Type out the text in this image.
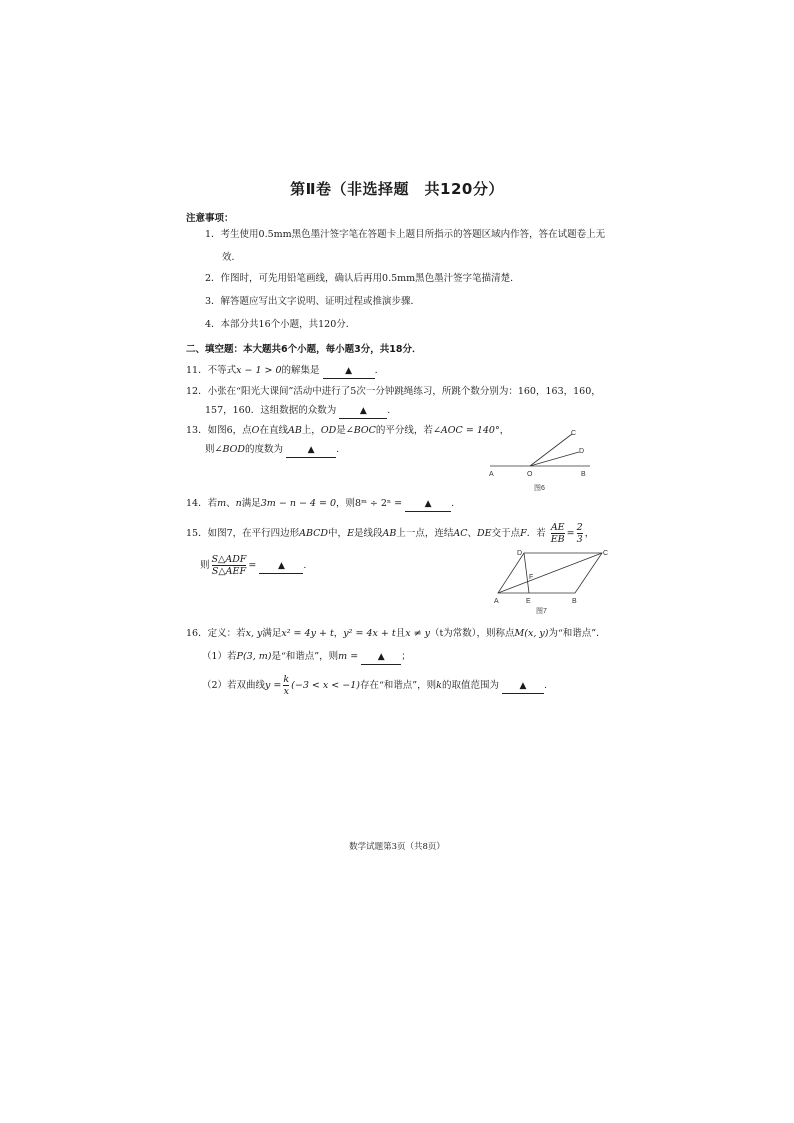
第Ⅱ卷（非选择题　共120分）
注意事项：
1．考生使用0.5mm黑色墨汁签字笔在答题卡上题目所指示的答题区域内作答，答在试题卷上无
效．
2．作图时，可先用铅笔画线，确认后再用0.5mm黑色墨汁签字笔描清楚．
3．解答题应写出文字说明、证明过程或推演步骤．
4．本部分共16个小题，共120分．
二、填空题：本大题共6个小题，每小题3分，共18分．
11．不等式x − 1 > 0的解集是	▲ .
12．小张在“阳光大课间”活动中进行了5次一分钟跳绳练习，所跳个数分别为：160，163，160，
157，160．这组数据的众数为	▲ .
13．如图6，点O在直线AB上，OD是∠BOC的平分线，若∠AOC = 140°，
则∠BOD的度数为	▲ .
A	O	B
C
D
图6
14．若m、n满足3m − n − 4 = 0，则8ᵐ ÷ 2ⁿ =	▲ .
15．如图7，在平行四边形ABCD中，E是线段AB上一点，连结AC、DE交于点F．若 $\frac{AE}{EB} = \frac{2}{3}$ ，
则 $\frac{\text{S△ADF}}{\text{S△AEF}}$ = ▲ .
A	E	B
C
D
F
图7
16．定义：若x, y满足x² = 4y + t，y² = 4x + t且x ≠ y（t为常数），则称点M(x, y)为“和谐点”．
（1）若P(3, m)是“和谐点”，则m = ▲ ；
（2）若双曲线$y = \frac{k}{x} (-3 < x < -1)$存在“和谐点”，则k的取值范围为 ▲ .
数学试题第3页（共8页）
